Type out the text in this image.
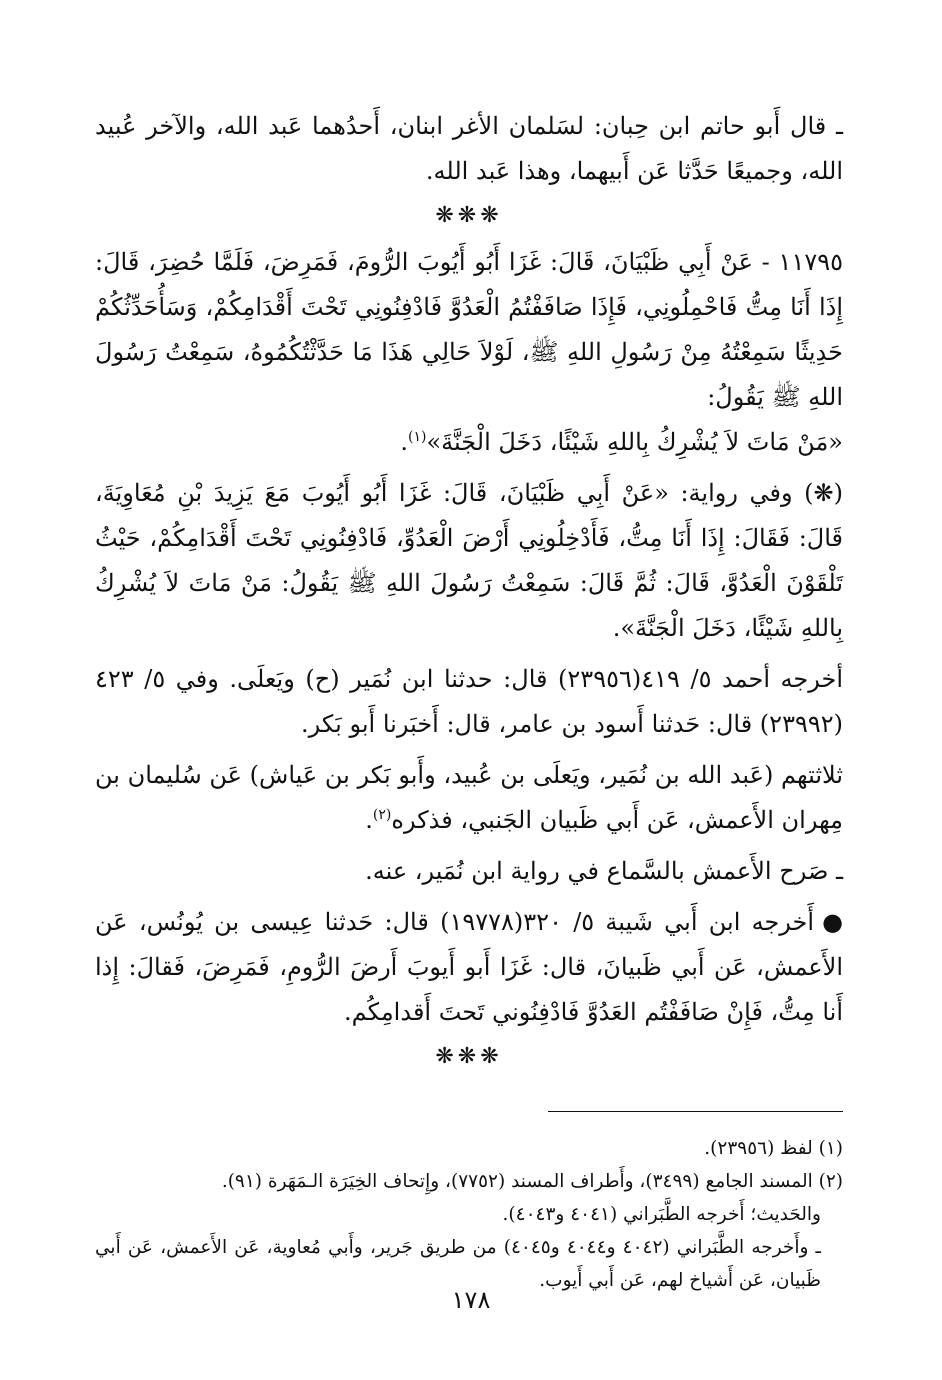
ـ قال أَبو حاتم ابن حِبان: لسَلمان الأغر ابنان، أَحدُهما عَبد الله، والآخر عُبيد الله، وجميعًا حَدَّثا عَن أَبيهما، وهذا عَبد الله.

❋❋❋

١١٧٩٥ - عَنْ أَبِي ظَبْيَانَ، قَالَ: غَزَا أَبُو أَيُوبَ الرُّومَ، فَمَرِضَ، فَلَمَّا حُضِرَ، قَالَ: إِذَا أَنَا مِتُّ فَاحْمِلُونِي، فَإِذَا صَافَفْتُمُ الْعَدُوَّ فَادْفِنُونِي تَحْتَ أَقْدَامِكُمْ، وَسَأُحَدِّثُكُمْ حَدِيثًا سَمِعْتُهُ مِنْ رَسُولِ اللهِ ﷺ، لَوْلاَ حَالِي هَذَا مَا حَدَّثْتُكُمُوهُ، سَمِعْتُ رَسُولَ اللهِ ﷺ يَقُولُ:

«مَنْ مَاتَ لاَ يُشْرِكُ بِاللهِ شَيْئًا، دَخَلَ الْجَنَّةَ»$^{(١)}$.

(❋) وفي رواية: «عَنْ أَبِي ظَبْيَانَ، قَالَ: غَزَا أَبُو أَيُوبَ مَعَ يَزِيدَ بْنِ مُعَاوِيَةَ، قَالَ: فَقَالَ: إِذَا أَنَا مِتُّ، فَأَدْخِلُونِي أَرْضَ الْعَدُوِّ، فَادْفِنُونِي تَحْتَ أَقْدَامِكُمْ، حَيْثُ تَلْقَوْنَ الْعَدُوَّ، قَالَ: ثُمَّ قَالَ: سَمِعْتُ رَسُولَ اللهِ ﷺ يَقُولُ: مَنْ مَاتَ لاَ يُشْرِكُ بِاللهِ شَيْئًا، دَخَلَ الْجَنَّةَ».

أخرجه أحمد ٥/ ٤١٩(٢٣٩٥٦) قال: حدثنا ابن نُمَير (ح) ويَعلَى. وفي ٥/ ٤٢٣ (٢٣٩٩٢) قال: حَدثنا أَسود بن عامر، قال: أَخبَرنا أَبو بَكر.

ثلاثتهم (عَبد الله بن نُمَير، ويَعلَى بن عُبيد، وأَبو بَكر بن عَياش) عَن سُليمان بن مِهران الأَعمش، عَن أَبي ظَبيان الجَنبي، فذكره$^{(٢)}$.

ـ صَرح الأَعمش بالسَّماع في رواية ابن نُمَير، عنه.

●أَخرجه ابن أَبي شَيبة ٥/ ٣٢٠(١٩٧٧٨) قال: حَدثنا عِيسى بن يُونُس، عَن الأَعمش، عَن أَبي ظَبيانَ، قال: غَزَا أَبو أَيوبَ أَرضَ الرُّومِ، فَمَرِضَ، فَقالَ: إِذا أَنا مِتُّ، فَإِنْ صَافَفْتُم العَدُوَّ فَادْفِنُوني تَحتَ أَقدامِكُم.

❋❋❋

(١) لفظ (٢٣٩٥٦).

(٢) المسند الجامع (٣٤٩٩)، وأَطراف المسند (٧٧٥٢)، وإِتحاف الخِيَرَة الـمَهَرة (٩١).

والحَديث؛ أَخرجه الطَّبَراني (٤٠٤١ و٤٠٤٣).

ـ وأَخرجه الطَّبَراني (٤٠٤٢ و٤٠٤٤ و٤٠٤٥) من طريق جَرير، وأَبي مُعاوية، عَن الأَعمش، عَن أَبي ظَبيان، عَن أَشياخ لهم، عَن أَبي أَيوب.

١٧٨
